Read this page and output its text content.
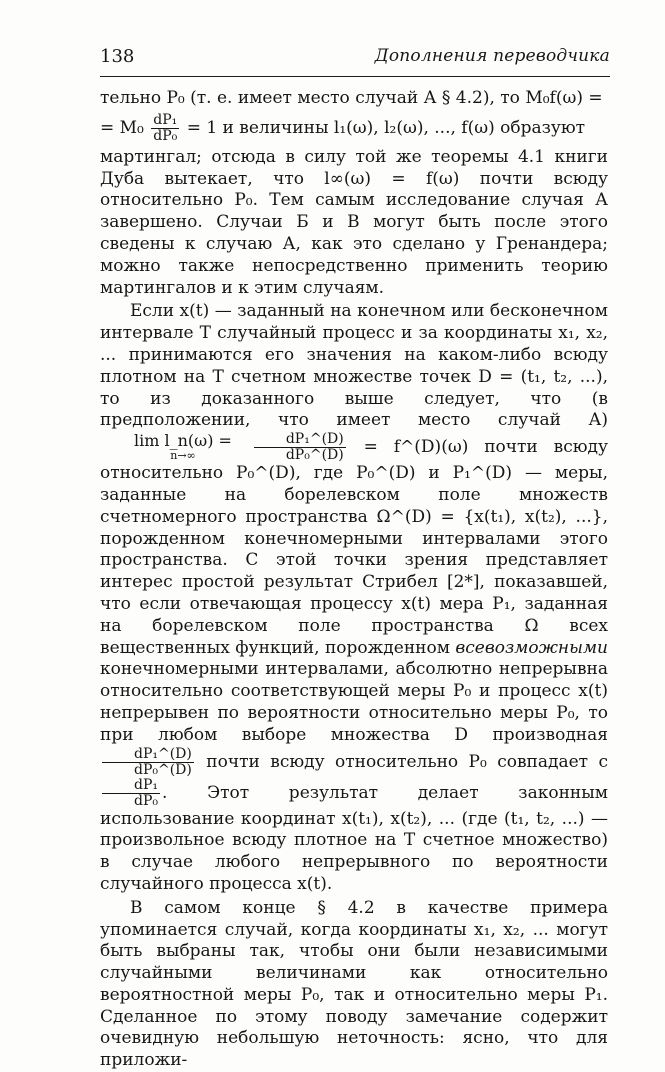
138	Дополнения переводчика

тельно P₀ (т. е. имеет место случай А § 4.2), то M₀f(ω) =
= $M_0 \frac{\text{dP₁}}{\text{dP₀}} = 1$ и величины l₁(ω), l₂(ω), ..., f(ω) образуют
мартингал; отсюда в силу той же теоремы 4.1 книги Дуба вытекает, что l∞(ω) = f(ω) почти всюду относительно P₀. Тем самым исследование случая А завершено. Случаи Б и В могут быть после этого сведены к случаю А, как это сделано у Гренандера; можно также непосредственно применить теорию мартингалов и к этим случаям.

Если x(t) — заданный на конечном или бесконечном интервале T случайный процесс и за координаты x₁, x₂, ... принимаются его значения на каком-либо всюду плотном на T счетном множестве точек D = (t₁, t₂, ...), то из доказанного выше следует, что (в предположении, что имеет место случай А)
lim l_n(ω) =
n→∞
	$\frac{\text{dP₁\textasciicircum{}(D)}}{\text{dP₀\textasciicircum{}(D)}}$ = f^(D)(ω) почти всюду относительно P₀^(D), где P₀^(D) и P₁^(D) — меры, заданные на борелевском поле множеств счетномерного пространства Ω^(D) = {x(t₁), x(t₂), ...}, порожденном конечномерными интервалами этого пространства. С этой точки зрения представляет интерес простой результат Стрибел [2*], показавшей, что если отвечающая процессу x(t) мера P₁, заданная на борелевском поле пространства Ω всех вещественных функций, порожденном всевозможными конечномерными интервалами, абсолютно непрерывна относительно соответствующей меры P₀ и процесс x(t) непрерывен по вероятности относительно меры P₀, то при любом выборе множества D производная
$\frac{\text{dP₁\textasciicircum{}(D)}}{\text{dP₀\textasciicircum{}(D)}}$ почти всюду относительно P₀ совпадает с
$\frac{\text{dP₁}}{\text{dP₀}}$ . Этот результат делает законным использование координат x(t₁), x(t₂), ... (где (t₁, t₂, ...) — произвольное всюду плотное на T счетное множество) в случае любого непрерывного по вероятности случайного процесса x(t).

В самом конце § 4.2 в качестве примера упоминается случай, когда координаты x₁, x₂, ... могут быть выбраны так, чтобы они были независимыми случайными величинами как относительно вероятностной меры P₀, так и относительно меры P₁. Сделанное по этому поводу замечание содержит очевидную небольшую неточность: ясно, что для приложи-
